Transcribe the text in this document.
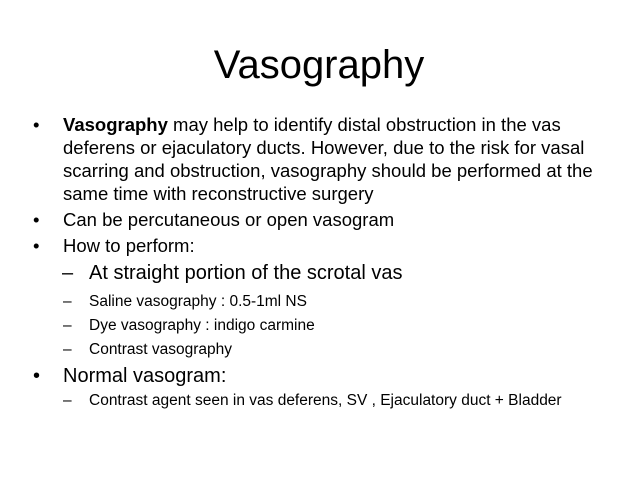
Vasography
• Vasography may help to identify distal obstruction in the vas deferens or ejaculatory ducts. However, due to the risk for vasal scarring and obstruction, vasography should be performed at the same time with reconstructive surgery
• Can be percutaneous or open vasogram
• How to perform:
– At straight portion of the scrotal vas
– Saline vasography : 0.5-1ml NS
– Dye vasography : indigo carmine
– Contrast vasography
• Normal vasogram:
– Contrast agent seen in vas deferens, SV , Ejaculatory duct + Bladder
